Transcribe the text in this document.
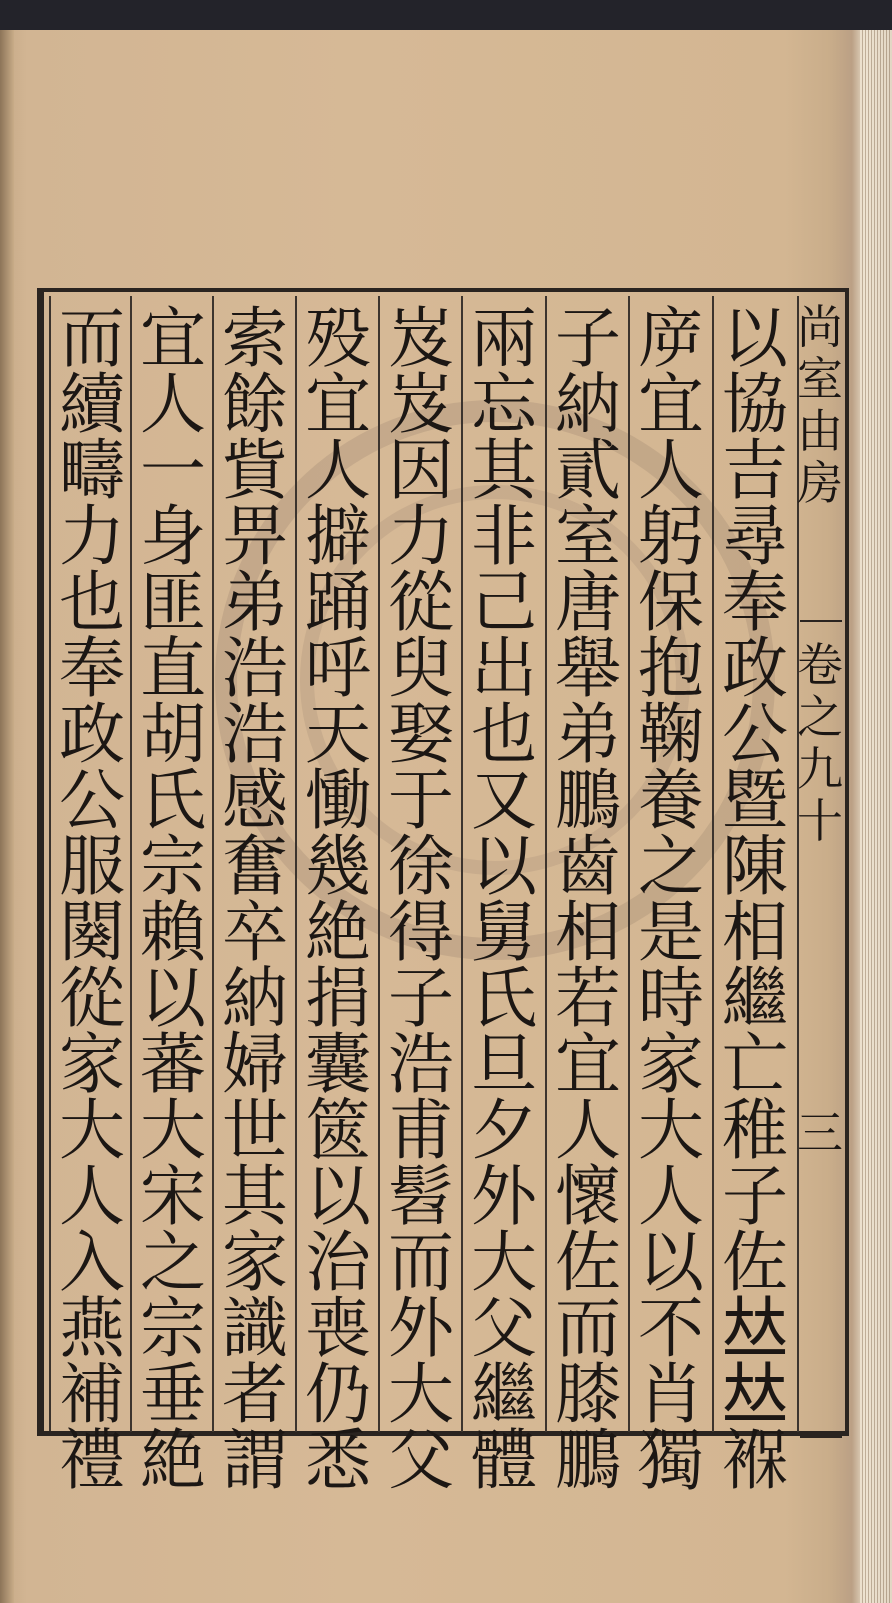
尚
室
由
房
卷
之
九
十
三
以
協
吉
尋
奉
政
公
暨
陳
相
繼
亡
稚
子
佐
𠀤
𠀤
褓
㡿
宜
人
躬
保
抱
鞠
養
之
是
時
家
大
人
以
不
肖
獨
子
納
貳
室
唐
舉
弟
鵬
齒
相
若
宜
人
懷
佐
而
膝
鵬
兩
忘
其
非
己
出
也
又
以
舅
氏
旦
夕
外
大
父
繼
體
岌
岌
因
力
從
臾
娶
于
徐
得
子
浩
甫
髫
而
外
大
父
殁
宜
人
擗
踊
呼
天
慟
幾
絶
捐
囊
篋
以
治
喪
仍
悉
索
餘
貲
畀
弟
浩
浩
感
奮
卒
納
婦
世
其
家
識
者
謂
宜
人
一
身
匪
直
胡
氏
宗
賴
以
蕃
大
宋
之
宗
垂
絶
而
續
疇
力
也
奉
政
公
服
闋
從
家
大
人
入
燕
補
禮
